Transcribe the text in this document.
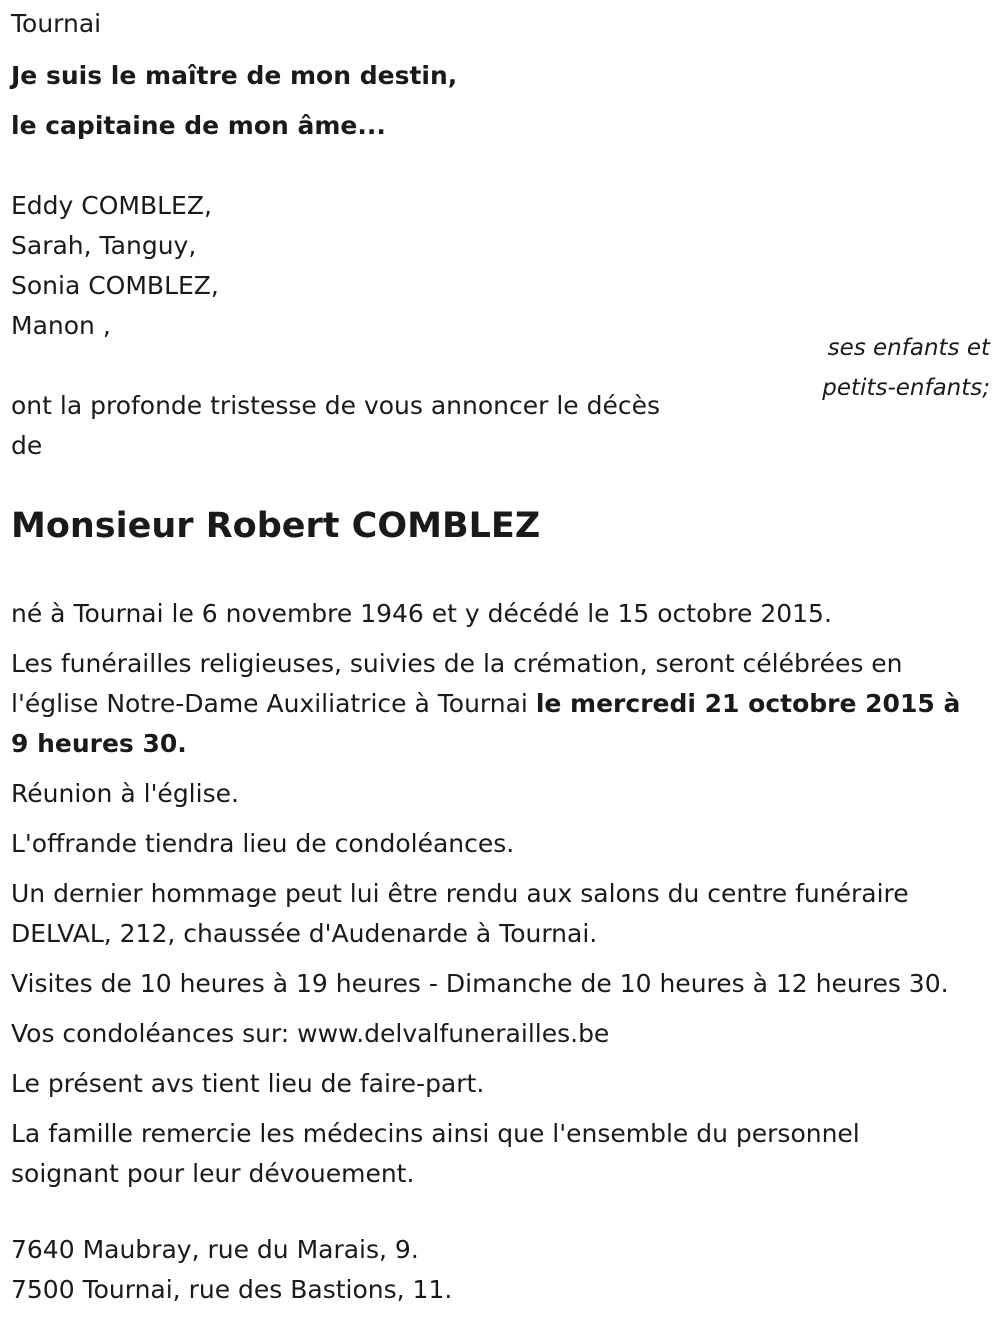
Tournai
Je suis le maître de mon destin,
le capitaine de mon âme...
Eddy COMBLEZ,
Sarah, Tanguy,
Sonia COMBLEZ,
Manon ,
ont la profonde tristesse de vous annoncer le décès
de
Monsieur Robert COMBLEZ

né à Tournai le 6 novembre 1946 et y décédé le 15 octobre 2015.

Les funérailles religieuses, suivies de la crémation, seront célébrées en l'église Notre-Dame Auxiliatrice à Tournai le mercredi 21 octobre 2015 à 9 heures 30.

Réunion à l'église.

L'offrande tiendra lieu de condoléances.

Un dernier hommage peut lui être rendu aux salons du centre funéraire DELVAL, 212, chaussée d'Audenarde à Tournai.

Visites de 10 heures à 19 heures - Dimanche de 10 heures à 12 heures 30.

Vos condoléances sur: www.delvalfunerailles.be

Le présent avs tient lieu de faire-part.

La famille remercie les médecins ainsi que l'ensemble du personnel soignant pour leur dévouement.

7640 Maubray, rue du Marais, 9.
7500 Tournai, rue des Bastions, 11.
ses enfants et
petits-enfants;
